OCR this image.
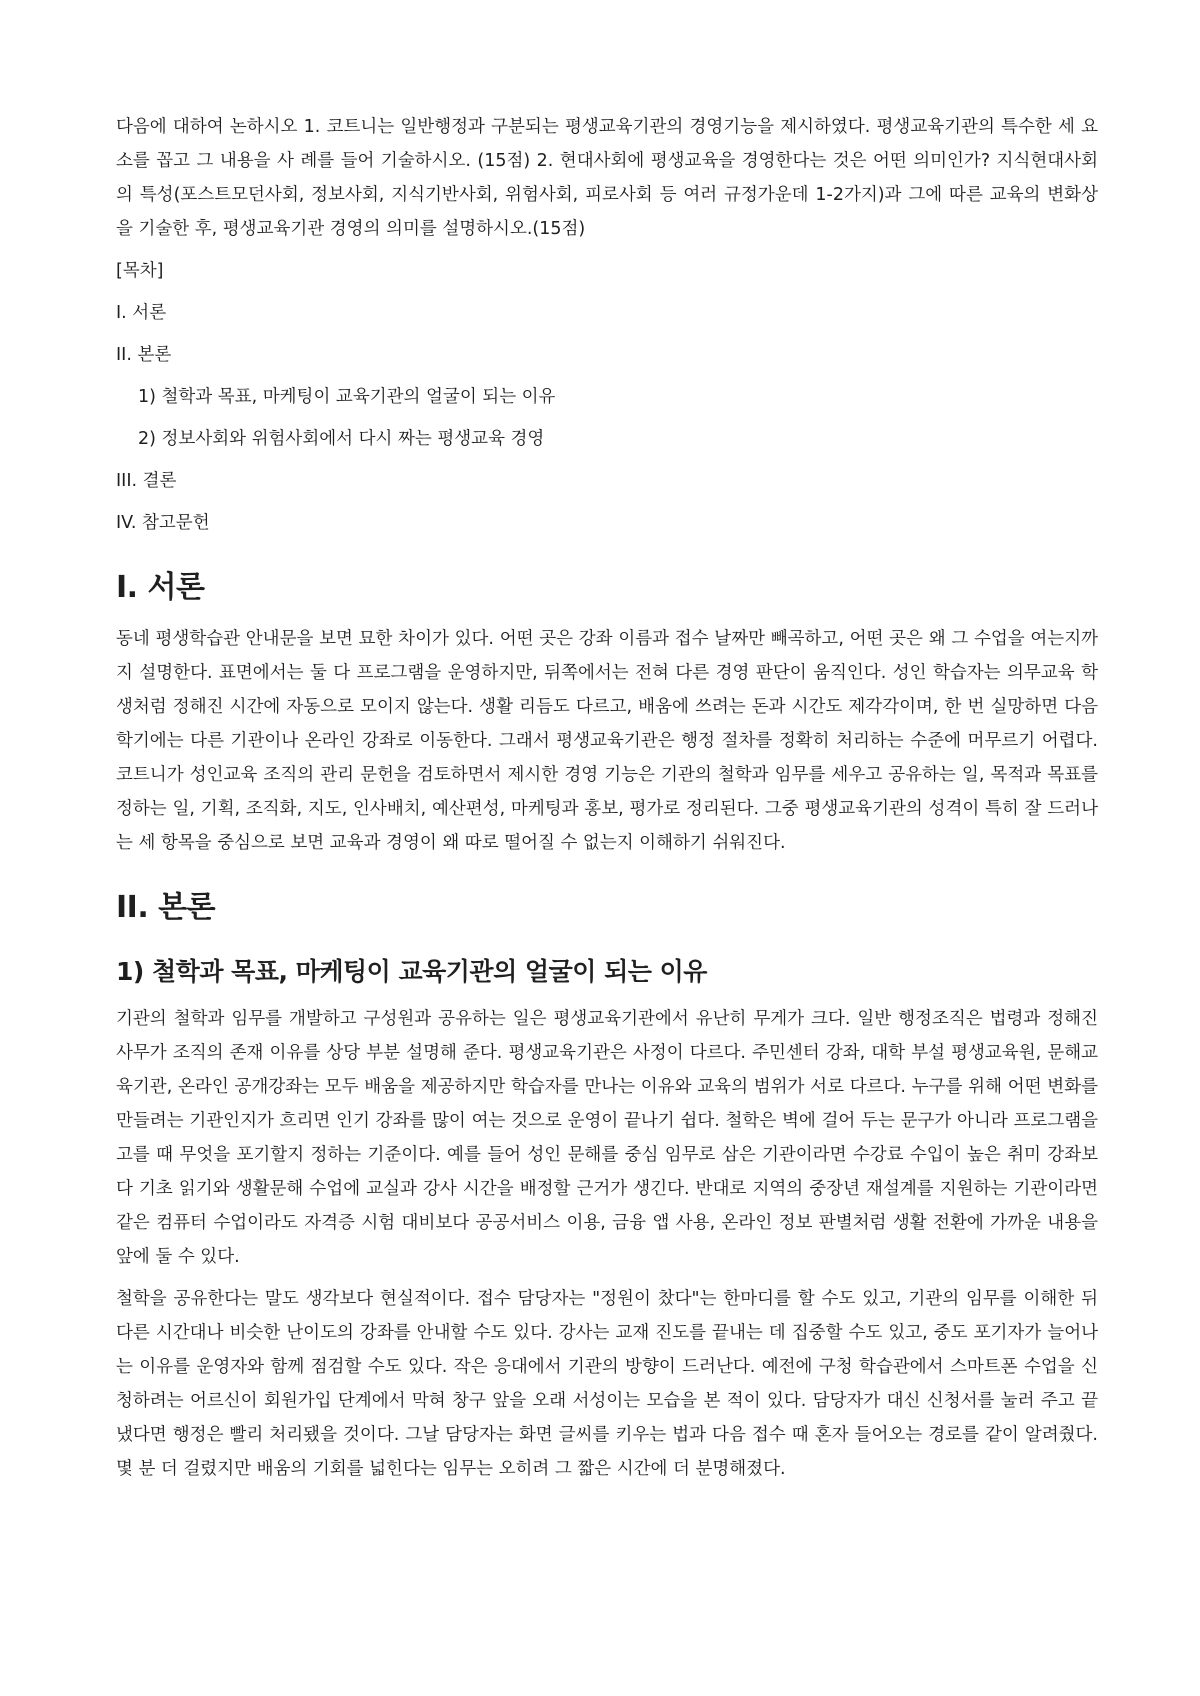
다음에 대하여 논하시오 1. 코트니는 일반행정과 구분되는 평생교육기관의 경영기능을 제시하였다. 평생교육기관의 특수한 세 요소를 꼽고 그 내용을 사 례를 들어 기술하시오. (15점) 2. 현대사회에 평생교육을 경영한다는 것은 어떤 의미인가? 지식현대사회의 특성(포스트모던사회, 정보사회, 지식기반사회, 위험사회, 피로사회 등 여러 규정가운데 1-2가지)과 그에 따른 교육의 변화상을 기술한 후, 평생교육기관 경영의 의미를 설명하시오.(15점)

[목차]
I. 서론
II. 본론
1) 철학과 목표, 마케팅이 교육기관의 얼굴이 되는 이유
2) 정보사회와 위험사회에서 다시 짜는 평생교육 경영
III. 결론
IV. 참고문헌
I. 서론

동네 평생학습관 안내문을 보면 묘한 차이가 있다. 어떤 곳은 강좌 이름과 접수 날짜만 빼곡하고, 어떤 곳은 왜 그 수업을 여는지까지 설명한다. 표면에서는 둘 다 프로그램을 운영하지만, 뒤쪽에서는 전혀 다른 경영 판단이 움직인다. 성인 학습자는 의무교육 학생처럼 정해진 시간에 자동으로 모이지 않는다. 생활 리듬도 다르고, 배움에 쓰려는 돈과 시간도 제각각이며, 한 번 실망하면 다음 학기에는 다른 기관이나 온라인 강좌로 이동한다. 그래서 평생교육기관은 행정 절차를 정확히 처리하는 수준에 머무르기 어렵다. 코트니가 성인교육 조직의 관리 문헌을 검토하면서 제시한 경영 기능은 기관의 철학과 임무를 세우고 공유하는 일, 목적과 목표를 정하는 일, 기획, 조직화, 지도, 인사배치, 예산편성, 마케팅과 홍보, 평가로 정리된다. 그중 평생교육기관의 성격이 특히 잘 드러나는 세 항목을 중심으로 보면 교육과 경영이 왜 따로 떨어질 수 없는지 이해하기 쉬워진다.

II. 본론
1) 철학과 목표, 마케팅이 교육기관의 얼굴이 되는 이유

기관의 철학과 임무를 개발하고 구성원과 공유하는 일은 평생교육기관에서 유난히 무게가 크다. 일반 행정조직은 법령과 정해진 사무가 조직의 존재 이유를 상당 부분 설명해 준다. 평생교육기관은 사정이 다르다. 주민센터 강좌, 대학 부설 평생교육원, 문해교육기관, 온라인 공개강좌는 모두 배움을 제공하지만 학습자를 만나는 이유와 교육의 범위가 서로 다르다. 누구를 위해 어떤 변화를 만들려는 기관인지가 흐리면 인기 강좌를 많이 여는 것으로 운영이 끝나기 쉽다. 철학은 벽에 걸어 두는 문구가 아니라 프로그램을 고를 때 무엇을 포기할지 정하는 기준이다. 예를 들어 성인 문해를 중심 임무로 삼은 기관이라면 수강료 수입이 높은 취미 강좌보다 기초 읽기와 생활문해 수업에 교실과 강사 시간을 배정할 근거가 생긴다. 반대로 지역의 중장년 재설계를 지원하는 기관이라면 같은 컴퓨터 수업이라도 자격증 시험 대비보다 공공서비스 이용, 금융 앱 사용, 온라인 정보 판별처럼 생활 전환에 가까운 내용을 앞에 둘 수 있다.

철학을 공유한다는 말도 생각보다 현실적이다. 접수 담당자는 "정원이 찼다"는 한마디를 할 수도 있고, 기관의 임무를 이해한 뒤 다른 시간대나 비슷한 난이도의 강좌를 안내할 수도 있다. 강사는 교재 진도를 끝내는 데 집중할 수도 있고, 중도 포기자가 늘어나는 이유를 운영자와 함께 점검할 수도 있다. 작은 응대에서 기관의 방향이 드러난다. 예전에 구청 학습관에서 스마트폰 수업을 신청하려는 어르신이 회원가입 단계에서 막혀 창구 앞을 오래 서성이는 모습을 본 적이 있다. 담당자가 대신 신청서를 눌러 주고 끝냈다면 행정은 빨리 처리됐을 것이다. 그날 담당자는 화면 글씨를 키우는 법과 다음 접수 때 혼자 들어오는 경로를 같이 알려줬다. 몇 분 더 걸렸지만 배움의 기회를 넓힌다는 임무는 오히려 그 짧은 시간에 더 분명해졌다.
